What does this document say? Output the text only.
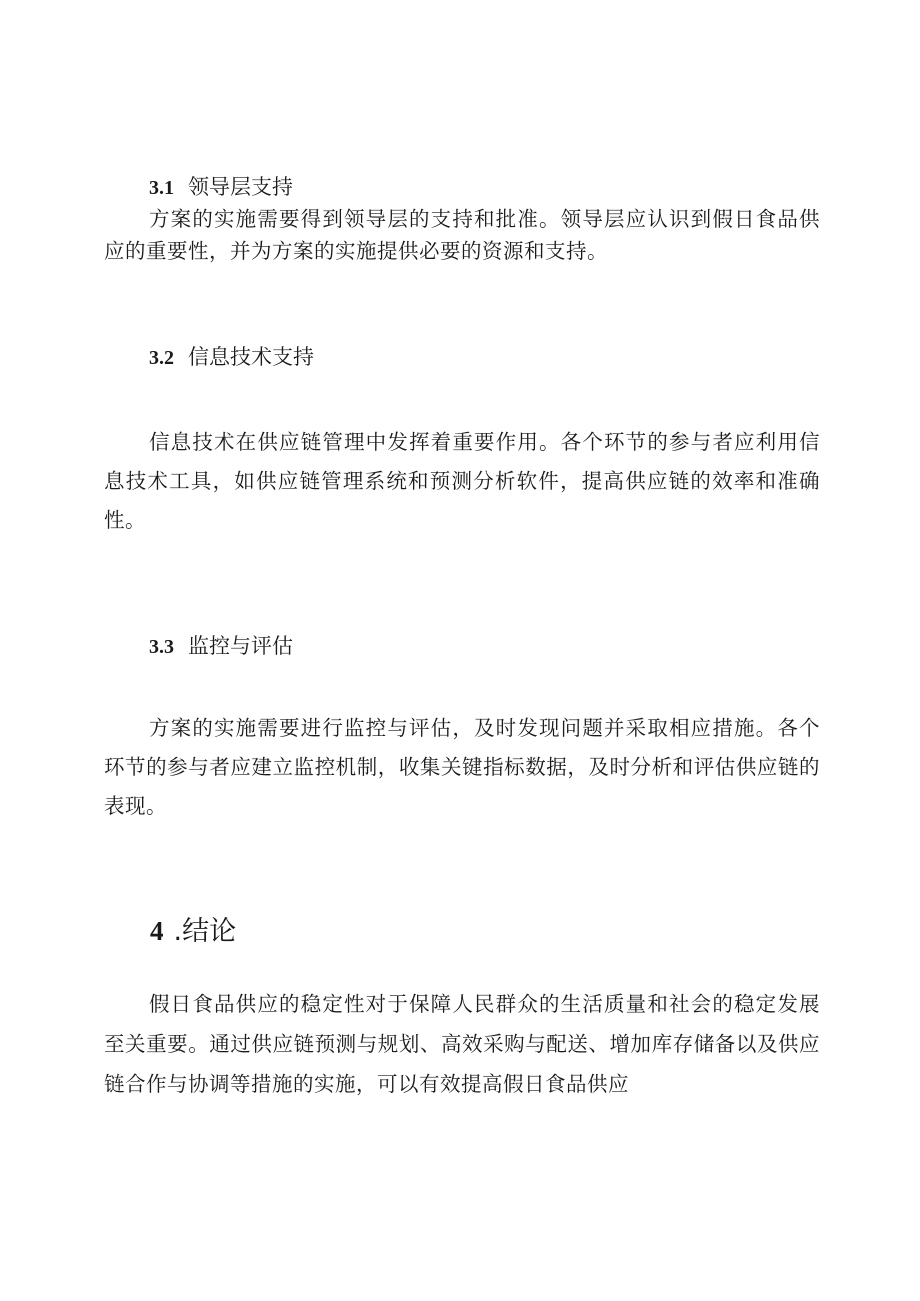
3.1 领导层支持

方案的实施需要得到领导层的支持和批准。领导层应认识到假日食品供应的重要性，并为方案的实施提供必要的资源和支持。

3.2 信息技术支持

信息技术在供应链管理中发挥着重要作用。各个环节的参与者应利用信息技术工具，如供应链管理系统和预测分析软件，提高供应链的效率和准确性。

3.3 监控与评估

方案的实施需要进行监控与评估，及时发现问题并采取相应措施。各个环节的参与者应建立监控机制，收集关键指标数据，及时分析和评估供应链的表现。

4 .结论

假日食品供应的稳定性对于保障人民群众的生活质量和社会的稳定发展至关重要。通过供应链预测与规划、高效采购与配送、增加库存储备以及供应链合作与协调等措施的实施，可以有效提高假日食品供应
